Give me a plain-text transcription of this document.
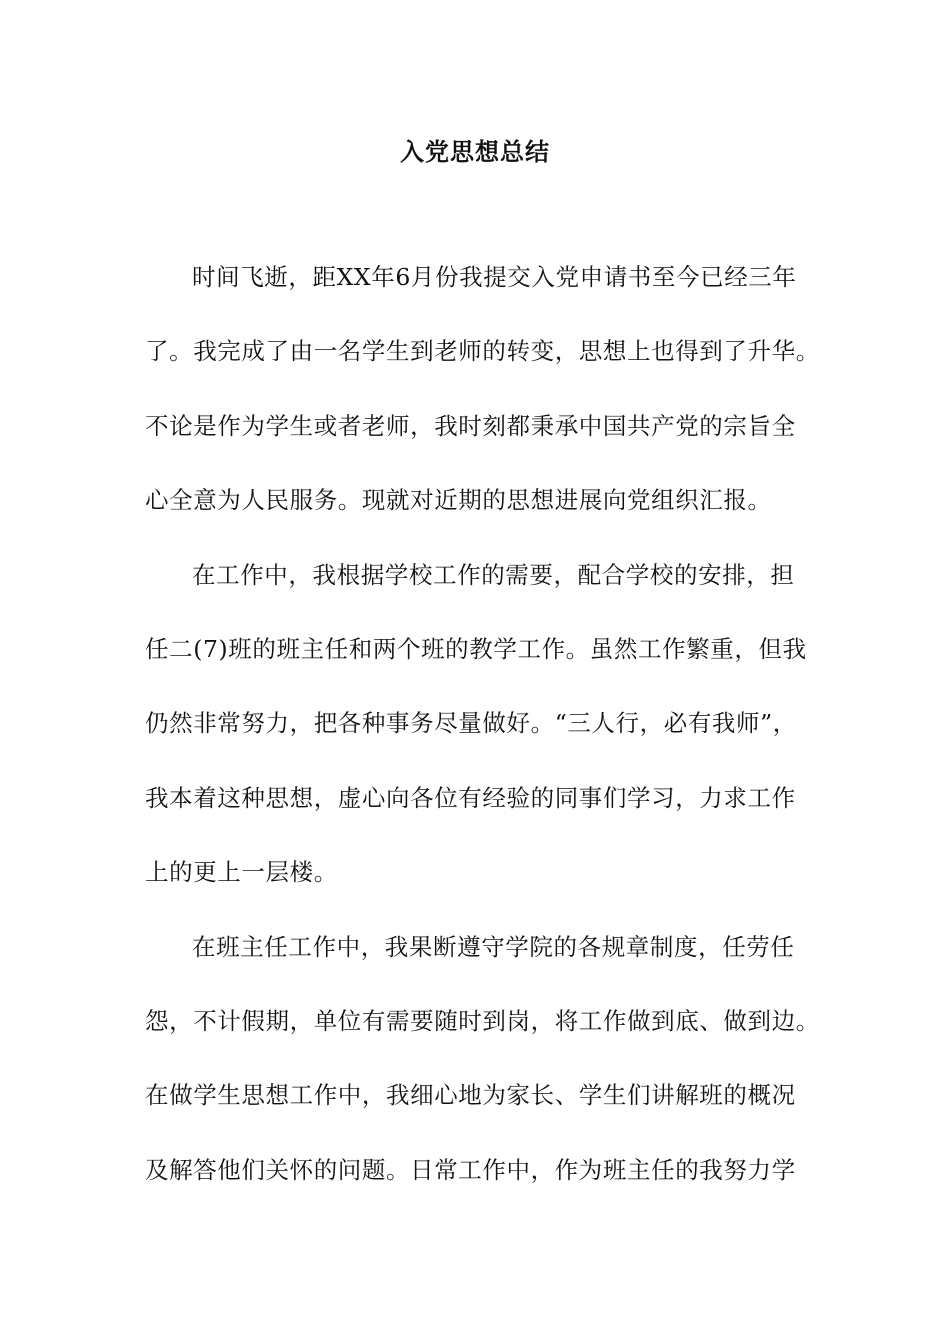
入党思想总结
时间飞逝，距XX年6月份我提交入党申请书至今已经三年
了。我完成了由一名学生到老师的转变，思想上也得到了升华。
不论是作为学生或者老师，我时刻都秉承中国共产党的宗旨全
心全意为人民服务。现就对近期的思想进展向党组织汇报。
在工作中，我根据学校工作的需要，配合学校的安排，担
任二(7)班的班主任和两个班的教学工作。虽然工作繁重，但我
仍然非常努力，把各种事务尽量做好。“三人行，必有我师”，
我本着这种思想，虚心向各位有经验的同事们学习，力求工作
上的更上一层楼。
在班主任工作中，我果断遵守学院的各规章制度，任劳任
怨，不计假期，单位有需要随时到岗，将工作做到底、做到边。
在做学生思想工作中，我细心地为家长、学生们讲解班的概况
及解答他们关怀的问题。日常工作中，作为班主任的我努力学
